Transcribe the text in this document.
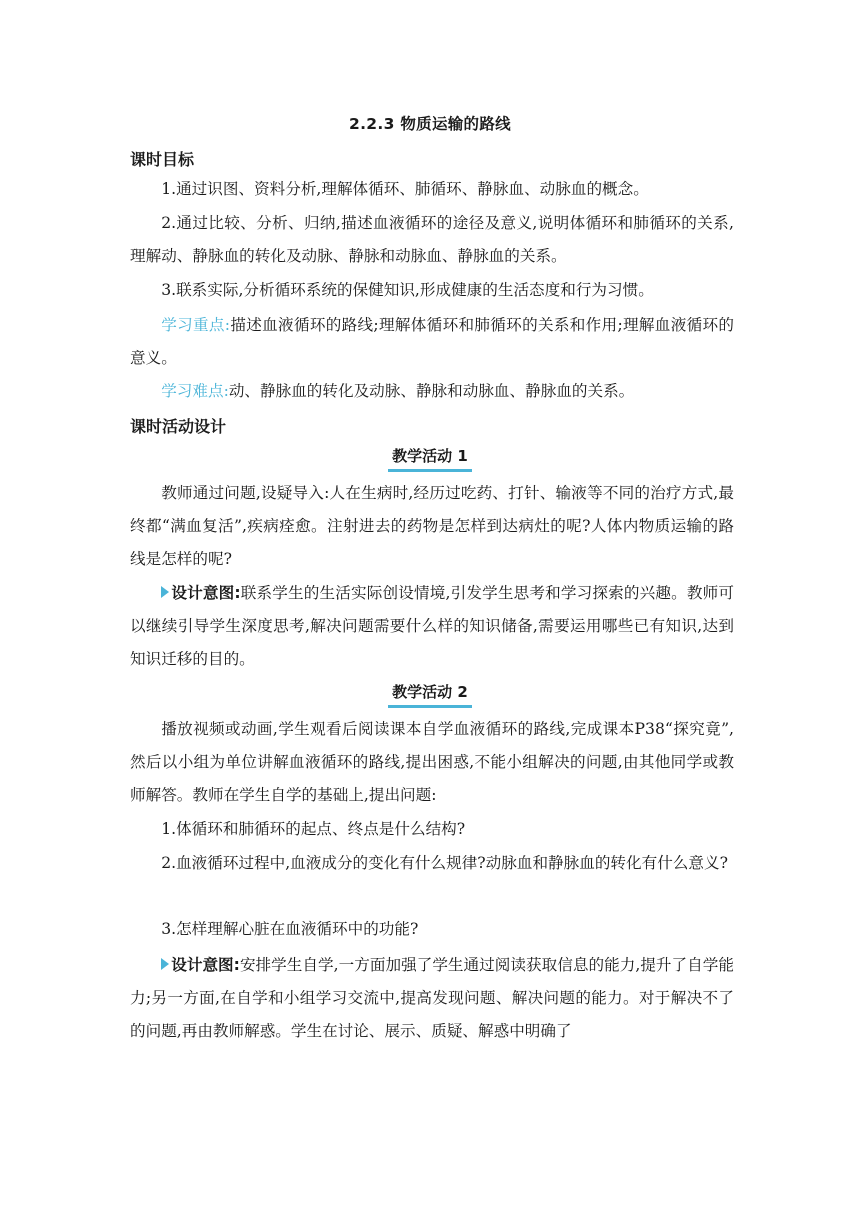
2.2.3 物质运输的路线
课时目标

1.通过识图、资料分析,理解体循环、肺循环、静脉血、动脉血的概念。

2.通过比较、分析、归纳,描述血液循环的途径及意义,说明体循环和肺循环的关系,理解动、静脉血的转化及动脉、静脉和动脉血、静脉血的关系。

3.联系实际,分析循环系统的保健知识,形成健康的生活态度和行为习惯。

学习重点:描述血液循环的路线;理解体循环和肺循环的关系和作用;理解血液循环的意义。

学习难点:动、静脉血的转化及动脉、静脉和动脉血、静脉血的关系。

课时活动设计
教学活动 1

教师通过问题,设疑导入:人在生病时,经历过吃药、打针、输液等不同的治疗方式,最终都“满血复活”,疾病痊愈。注射进去的药物是怎样到达病灶的呢?人体内物质运输的路线是怎样的呢?

设计意图:联系学生的生活实际创设情境,引发学生思考和学习探索的兴趣。教师可以继续引导学生深度思考,解决问题需要什么样的知识储备,需要运用哪些已有知识,达到知识迁移的目的。

教学活动 2

播放视频或动画,学生观看后阅读课本自学血液循环的路线,完成课本P38“探究竟”,然后以小组为单位讲解血液循环的路线,提出困惑,不能小组解决的问题,由其他同学或教师解答。教师在学生自学的基础上,提出问题:

1.体循环和肺循环的起点、终点是什么结构?

2.血液循环过程中,血液成分的变化有什么规律?动脉血和静脉血的转化有什么意义?

3.怎样理解心脏在血液循环中的功能?

设计意图:安排学生自学,一方面加强了学生通过阅读获取信息的能力,提升了自学能力;另一方面,在自学和小组学习交流中,提高发现问题、解决问题的能力。对于解决不了的问题,再由教师解惑。学生在讨论、展示、质疑、解惑中明确了
